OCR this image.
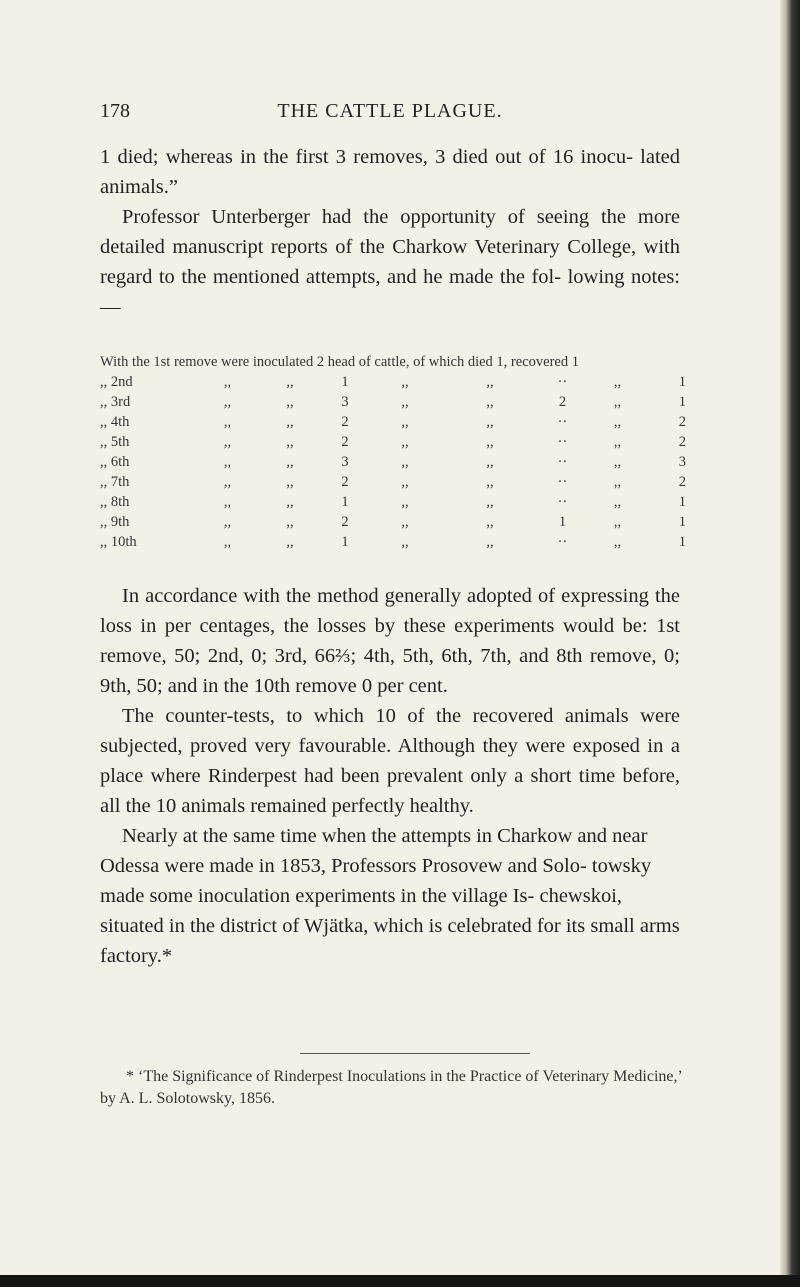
178	THE CATTLE PLAGUE.

1 died; whereas in the first 3 removes, 3 died out of 16 inocu- lated animals.”

Professor Unterberger had the opportunity of seeing the more detailed manuscript reports of the Charkow Veterinary College, with regard to the mentioned attempts, and he made the fol- lowing notes:—

With the 1st remove were inoculated 2 head of cattle, of which died 1, recovered 1								
,, 2nd	,,	,,	1	,,	,,	··	,,	1
,, 3rd	,,	,,	3	,,	,,	2	,,	1
,, 4th	,,	,,	2	,,	,,	··	,,	2
,, 5th	,,	,,	2	,,	,,	··	,,	2
,, 6th	,,	,,	3	,,	,,	··	,,	3
,, 7th	,,	,,	2	,,	,,	··	,,	2
,, 8th	,,	,,	1	,,	,,	··	,,	1
,, 9th	,,	,,	2	,,	,,	1	,,	1
,, 10th	,,	,,	1	,,	,,	··	,,	1

In accordance with the method generally adopted of expressing the loss in per centages, the losses by these experiments would be: 1st remove, 50; 2nd, 0; 3rd, 66⅔; 4th, 5th, 6th, 7th, and 8th remove, 0; 9th, 50; and in the 10th remove 0 per cent.

The counter-tests, to which 10 of the recovered animals were subjected, proved very favourable. Although they were exposed in a place where Rinderpest had been prevalent only a short time before, all the 10 animals remained perfectly healthy.

Nearly at the same time when the attempts in Charkow and near Odessa were made in 1853, Professors Prosovew and Solo- towsky made some inoculation experiments in the village Is- chewskoi, situated in the district of Wjätka, which is celebrated for its small arms factory.*

* ‘The Significance of Rinderpest Inoculations in the Practice of Veterinary Medicine,’ by A. L. Solotowsky, 1856.
